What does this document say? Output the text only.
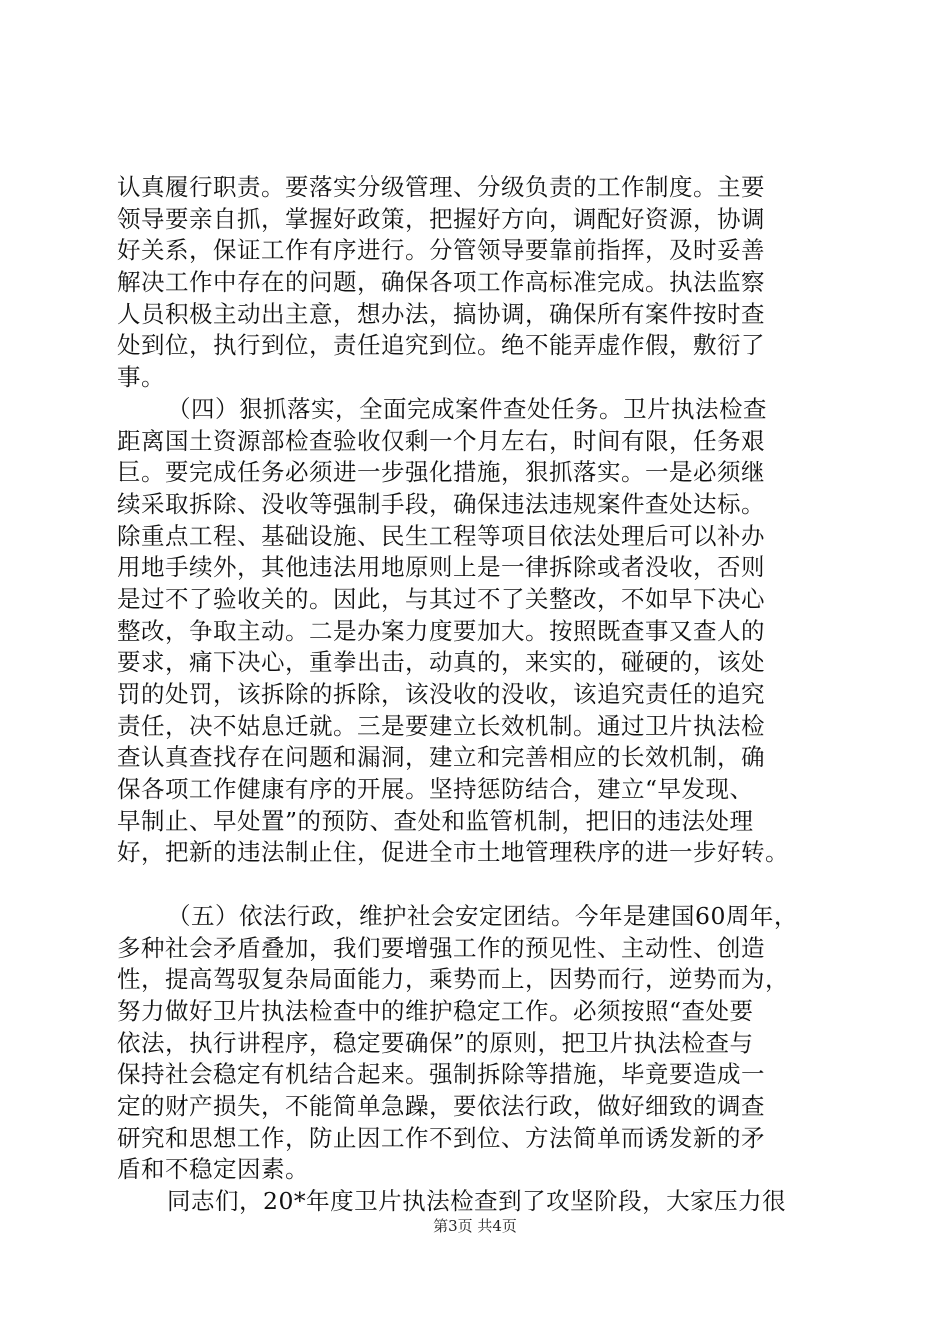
认真履行职责。要落实分级管理、分级负责的工作制度。主要
领导要亲自抓，掌握好政策，把握好方向，调配好资源，协调
好关系，保证工作有序进行。分管领导要靠前指挥，及时妥善
解决工作中存在的问题，确保各项工作高标准完成。执法监察
人员积极主动出主意，想办法，搞协调，确保所有案件按时查
处到位，执行到位，责任追究到位。绝不能弄虚作假，敷衍了
事。
（四）狠抓落实，全面完成案件查处任务。卫片执法检查
距离国土资源部检查验收仅剩一个月左右，时间有限，任务艰
巨。要完成任务必须进一步强化措施，狠抓落实。一是必须继
续采取拆除、没收等强制手段，确保违法违规案件查处达标。
除重点工程、基础设施、民生工程等项目依法处理后可以补办
用地手续外，其他违法用地原则上是一律拆除或者没收，否则
是过不了验收关的。因此，与其过不了关整改，不如早下决心
整改，争取主动。二是办案力度要加大。按照既查事又查人的
要求，痛下决心，重拳出击，动真的，来实的，碰硬的，该处
罚的处罚，该拆除的拆除，该没收的没收，该追究责任的追究
责任，决不姑息迁就。三是要建立长效机制。通过卫片执法检
查认真查找存在问题和漏洞，建立和完善相应的长效机制，确
保各项工作健康有序的开展。坚持惩防结合，建立“早发现、
早制止、早处置”的预防、查处和监管机制，把旧的违法处理
好，把新的违法制止住，促进全市土地管理秩序的进一步好转。
（五）依法行政，维护社会安定团结。今年是建国60周年，
多种社会矛盾叠加，我们要增强工作的预见性、主动性、创造
性，提高驾驭复杂局面能力，乘势而上，因势而行，逆势而为，
努力做好卫片执法检查中的维护稳定工作。必须按照“查处要
依法，执行讲程序，稳定要确保”的原则，把卫片执法检查与
保持社会稳定有机结合起来。强制拆除等措施，毕竟要造成一
定的财产损失，不能简单急躁，要依法行政，做好细致的调查
研究和思想工作，防止因工作不到位、方法简单而诱发新的矛
盾和不稳定因素。
同志们，20*年度卫片执法检查到了攻坚阶段，大家压力很
第3页 共4页
